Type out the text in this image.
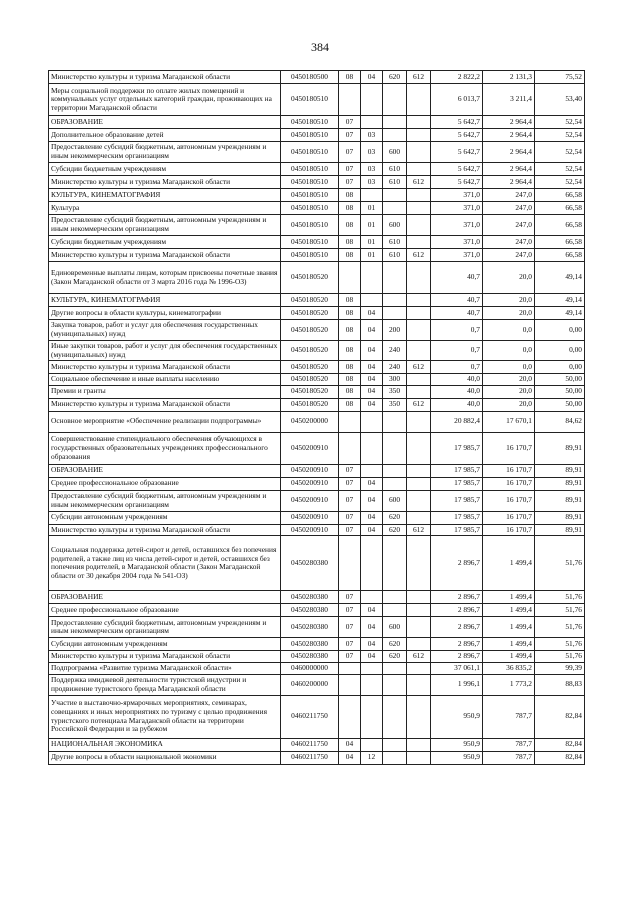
384
Министерство культуры и туризма Магаданской области	0450180500	08	04	620	612	2 822,2	2 131,3	75,52
Меры социальной поддержки по оплате жилых помещений и коммунальных услуг отдельных категорий граждан, проживающих на территории Магаданской области	0450180510					6 013,7	3 211,4	53,40
ОБРАЗОВАНИЕ	0450180510	07				5 642,7	2 964,4	52,54
Дополнительное образование детей	0450180510	07	03			5 642,7	2 964,4	52,54
Предоставление субсидий бюджетным, автономным учреждениям и иным некоммерческим организациям	0450180510	07	03	600		5 642,7	2 964,4	52,54
Субсидии бюджетным учреждениям	0450180510	07	03	610		5 642,7	2 964,4	52,54
Министерство культуры и туризма Магаданской области	0450180510	07	03	610	612	5 642,7	2 964,4	52,54
КУЛЬТУРА, КИНЕМАТОГРАФИЯ	0450180510	08				371,0	247,0	66,58
Культура	0450180510	08	01			371,0	247,0	66,58
Предоставление субсидий бюджетным, автономным учреждениям и иным некоммерческим организациям	0450180510	08	01	600		371,0	247,0	66,58
Субсидии бюджетным учреждениям	0450180510	08	01	610		371,0	247,0	66,58
Министерство культуры и туризма Магаданской области	0450180510	08	01	610	612	371,0	247,0	66,58
Единовременные выплаты лицам, которым присвоены почетные звания (Закон Магаданской области от 3 марта 2016 года № 1996-ОЗ)	0450180520					40,7	20,0	49,14
КУЛЬТУРА, КИНЕМАТОГРАФИЯ	0450180520	08				40,7	20,0	49,14
Другие вопросы в области культуры, кинематографии	0450180520	08	04			40,7	20,0	49,14
Закупка товаров, работ и услуг для обеспечения государственных (муниципальных) нужд	0450180520	08	04	200		0,7	0,0	0,00
Иные закупки товаров, работ и услуг для обеспечения государственных (муниципальных) нужд	0450180520	08	04	240		0,7	0,0	0,00
Министерство культуры и туризма Магаданской области	0450180520	08	04	240	612	0,7	0,0	0,00
Социальное обеспечение и иные выплаты населению	0450180520	08	04	300		40,0	20,0	50,00
Премии и гранты	0450180520	08	04	350		40,0	20,0	50,00
Министерство культуры и туризма Магаданской области	0450180520	08	04	350	612	40,0	20,0	50,00
Основное мероприятие «Обеспечение реализации подпрограммы»	0450200000					20 882,4	17 670,1	84,62
Совершенствование стипендиального обеспечения обучающихся в государственных образовательных учреждениях профессионального образования	0450200910					17 985,7	16 170,7	89,91
ОБРАЗОВАНИЕ	0450200910	07				17 985,7	16 170,7	89,91
Среднее профессиональное образование	0450200910	07	04			17 985,7	16 170,7	89,91
Предоставление субсидий бюджетным, автономным учреждениям и иным некоммерческим организациям	0450200910	07	04	600		17 985,7	16 170,7	89,91
Субсидии автономным учреждениям	0450200910	07	04	620		17 985,7	16 170,7	89,91
Министерство культуры и туризма Магаданской области	0450200910	07	04	620	612	17 985,7	16 170,7	89,91
Социальная поддержка детей-сирот и детей, оставшихся без попечения родителей, а также лиц из числа детей-сирот и детей, оставшихся без попечения родителей, в Магаданской области (Закон Магаданской области от 30 декабря 2004 года № 541-ОЗ)	0450280380					2 896,7	1 499,4	51,76
ОБРАЗОВАНИЕ	0450280380	07				2 896,7	1 499,4	51,76
Среднее профессиональное образование	0450280380	07	04			2 896,7	1 499,4	51,76
Предоставление субсидий бюджетным, автономным учреждениям и иным некоммерческим организациям	0450280380	07	04	600		2 896,7	1 499,4	51,76
Субсидии автономным учреждениям	0450280380	07	04	620		2 896,7	1 499,4	51,76
Министерство культуры и туризма Магаданской области	0450280380	07	04	620	612	2 896,7	1 499,4	51,76
Подпрограмма «Развитие туризма Магаданской области»	0460000000					37 061,1	36 835,2	99,39
Поддержка имиджевой деятельности туристской индустрии и продвижение туристского бренда Магаданской области	0460200000					1 996,1	1 773,2	88,83
Участие в выставочно-ярмарочных мероприятиях, семинарах, совещаниях и иных мероприятиях по туризму с целью продвижения туристского потенциала Магаданской области на территории Российской Федерации и за рубежом	0460211750					950,9	787,7	82,84
НАЦИОНАЛЬНАЯ ЭКОНОМИКА	0460211750	04				950,9	787,7	82,84
Другие вопросы в области национальной экономики	0460211750	04	12			950,9	787,7	82,84
